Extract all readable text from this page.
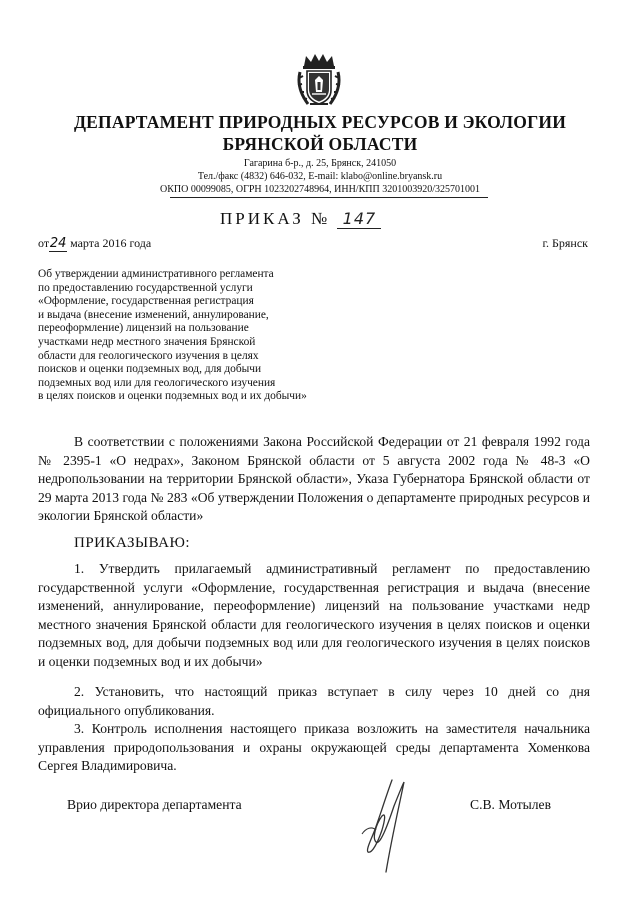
ДЕПАРТАМЕНТ ПРИРОДНЫХ РЕСУРСОВ И ЭКОЛОГИИ
БРЯНСКОЙ ОБЛАСТИ
Гагарина б-р., д. 25, Брянск, 241050
Тел./факс (4832) 646-032, E-mail: klabo@online.bryansk.ru
ОКПО 00099085, ОГРН 1023202748964, ИНН/КПП 3201003920/325701001
ПРИКАЗ № 147
от24 марта 2016 года	г. Брянск
Об утверждении административного регламента
по предоставлению государственной услуги
«Оформление, государственная регистрация
и выдача (внесение изменений, аннулирование,
переоформление) лицензий на пользование
участками недр местного значения Брянской
области для геологического изучения в целях
поисков и оценки подземных вод, для добычи
подземных вод или для геологического изучения
в целях поисков и оценки подземных вод и их добычи»
В соответствии с положениями Закона Российской Федерации от 21 февраля 1992 года № 2395-1 «О недрах», Законом Брянской области от 5 августа 2002 года № 48-З «О недропользовании на территории Брянской области», Указа Губернатора Брянской области от 29 марта 2013 года № 283 «Об утверждении Положения о департаменте природных ресурсов и экологии Брянской области»
ПРИКАЗЫВАЮ:
1. Утвердить прилагаемый административный регламент по предоставлению государственной услуги «Оформление, государственная регистрация и выдача (внесение изменений, аннулирование, переоформление) лицензий на пользование участками недр местного значения Брянской области для геологического изучения в целях поисков и оценки подземных вод, для добычи подземных вод или для геологического изучения в целях поисков и оценки подземных вод и их добычи»
2. Установить, что настоящий приказ вступает в силу через 10 дней со дня официального опубликования.
3. Контроль исполнения настоящего приказа возложить на заместителя начальника управления природопользования и охраны окружающей среды департамента Хоменкова Сергея Владимировича.
Врио директора департамента	С.В. Мотылев
